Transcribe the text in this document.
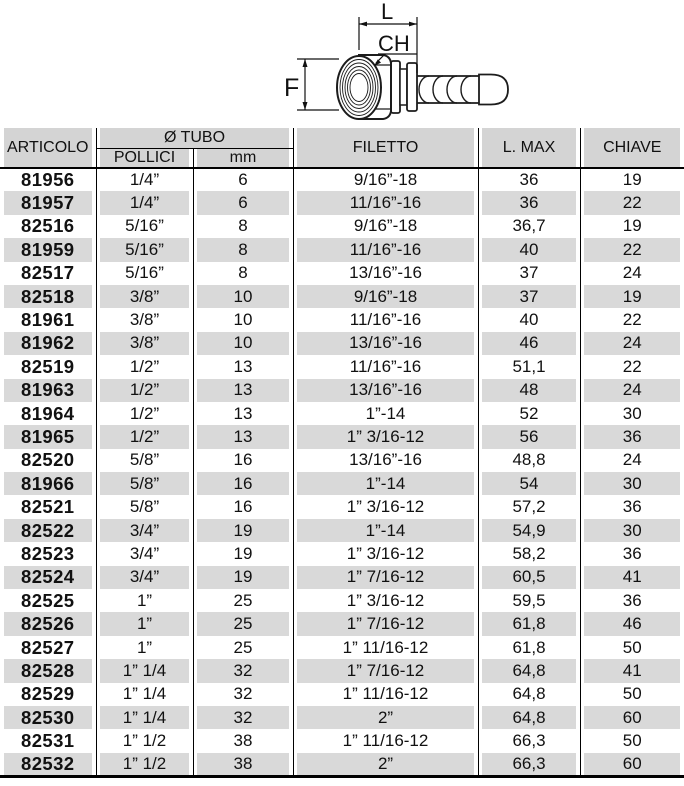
L
CH
F
ARTICOLO	Ø TUBO		FILETTO	L. MAX	CHIAVE
	POLLICI	mm			
81956	1/4”	6	9/16”-18	36	19
81957	1/4”	6	11/16”-16	36	22
82516	5/16”	8	9/16”-18	36,7	19
81959	5/16”	8	11/16”-16	40	22
82517	5/16”	8	13/16”-16	37	24
82518	3/8”	10	9/16”-18	37	19
81961	3/8”	10	11/16”-16	40	22
81962	3/8”	10	13/16”-16	46	24
82519	1/2”	13	11/16”-16	51,1	22
81963	1/2”	13	13/16”-16	48	24
81964	1/2”	13	1”-14	52	30
81965	1/2”	13	1” 3/16-12	56	36
82520	5/8”	16	13/16”-16	48,8	24
81966	5/8”	16	1”-14	54	30
82521	5/8”	16	1” 3/16-12	57,2	36
82522	3/4”	19	1”-14	54,9	30
82523	3/4”	19	1” 3/16-12	58,2	36
82524	3/4”	19	1” 7/16-12	60,5	41
82525	1”	25	1” 3/16-12	59,5	36
82526	1”	25	1” 7/16-12	61,8	46
82527	1”	25	1” 11/16-12	61,8	50
82528	1” 1/4	32	1” 7/16-12	64,8	41
82529	1” 1/4	32	1” 11/16-12	64,8	50
82530	1” 1/4	32	2”	64,8	60
82531	1” 1/2	38	1” 11/16-12	66,3	50
82532	1” 1/2	38	2”	66,3	60
